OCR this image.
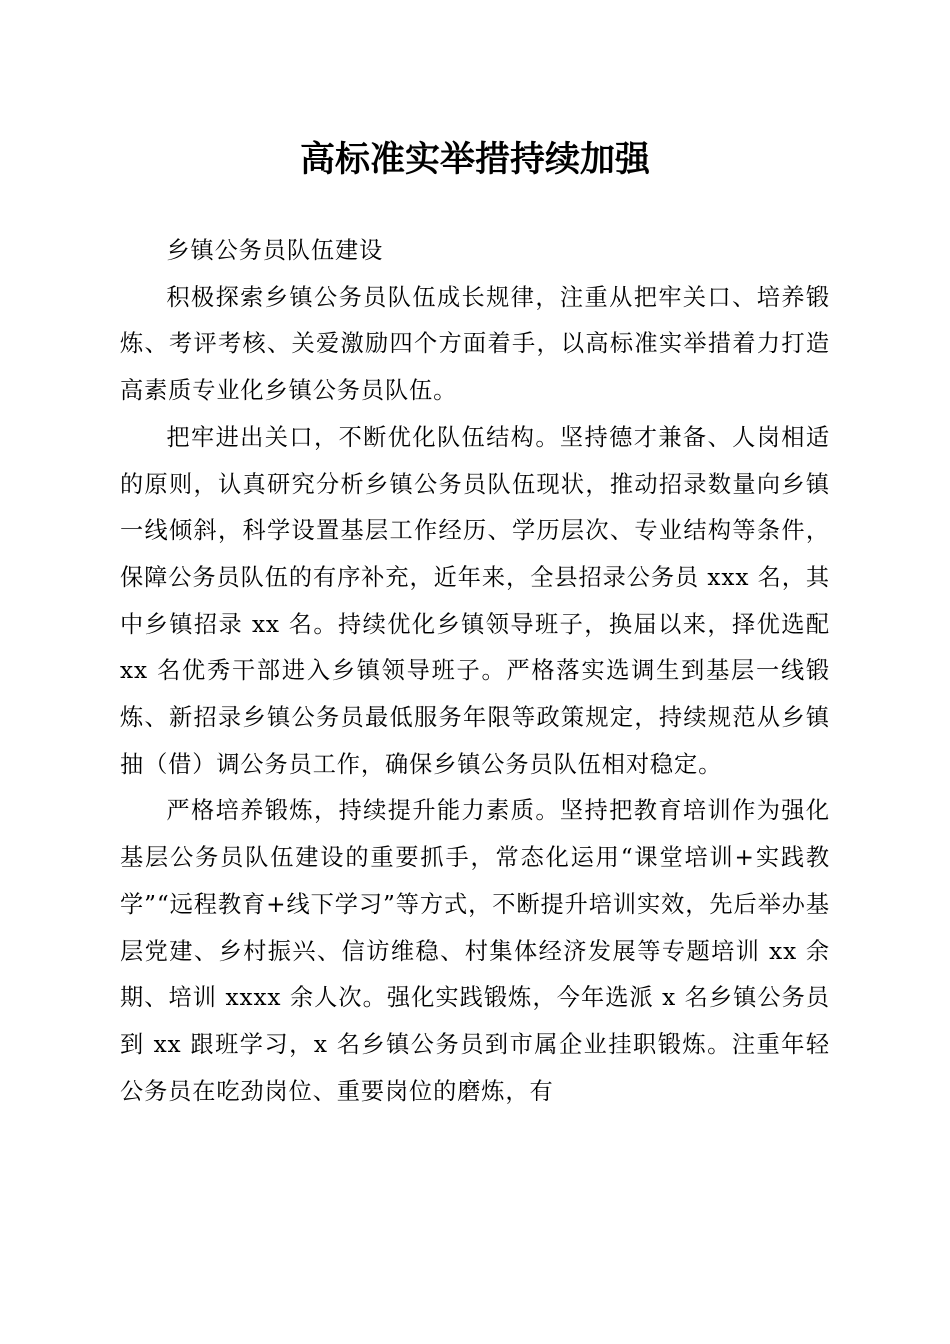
高标准实举措持续加强

乡镇公务员队伍建设

积极探索乡镇公务员队伍成长规律，注重从把牢关口、培养锻炼、考评考核、关爱激励四个方面着手，以高标准实举措着力打造高素质专业化乡镇公务员队伍。

把牢进出关口，不断优化队伍结构。坚持德才兼备、人岗相适的原则，认真研究分析乡镇公务员队伍现状，推动招录数量向乡镇一线倾斜，科学设置基层工作经历、学历层次、专业结构等条件，保障公务员队伍的有序补充，近年来，全县招录公务员 xxx 名，其中乡镇招录 xx 名。持续优化乡镇领导班子，换届以来，择优选配 xx 名优秀干部进入乡镇领导班子。严格落实选调生到基层一线锻炼、新招录乡镇公务员最低服务年限等政策规定，持续规范从乡镇抽（借）调公务员工作，确保乡镇公务员队伍相对稳定。

严格培养锻炼，持续提升能力素质。坚持把教育培训作为强化基层公务员队伍建设的重要抓手，常态化运用“课堂培训+实践教学”“远程教育+线下学习”等方式，不断提升培训实效，先后举办基层党建、乡村振兴、信访维稳、村集体经济发展等专题培训 xx 余期、培训 xxxx 余人次。强化实践锻炼，今年选派 x 名乡镇公务员到 xx 跟班学习，x 名乡镇公务员到市属企业挂职锻炼。注重年轻公务员在吃劲岗位、重要岗位的磨炼，有
